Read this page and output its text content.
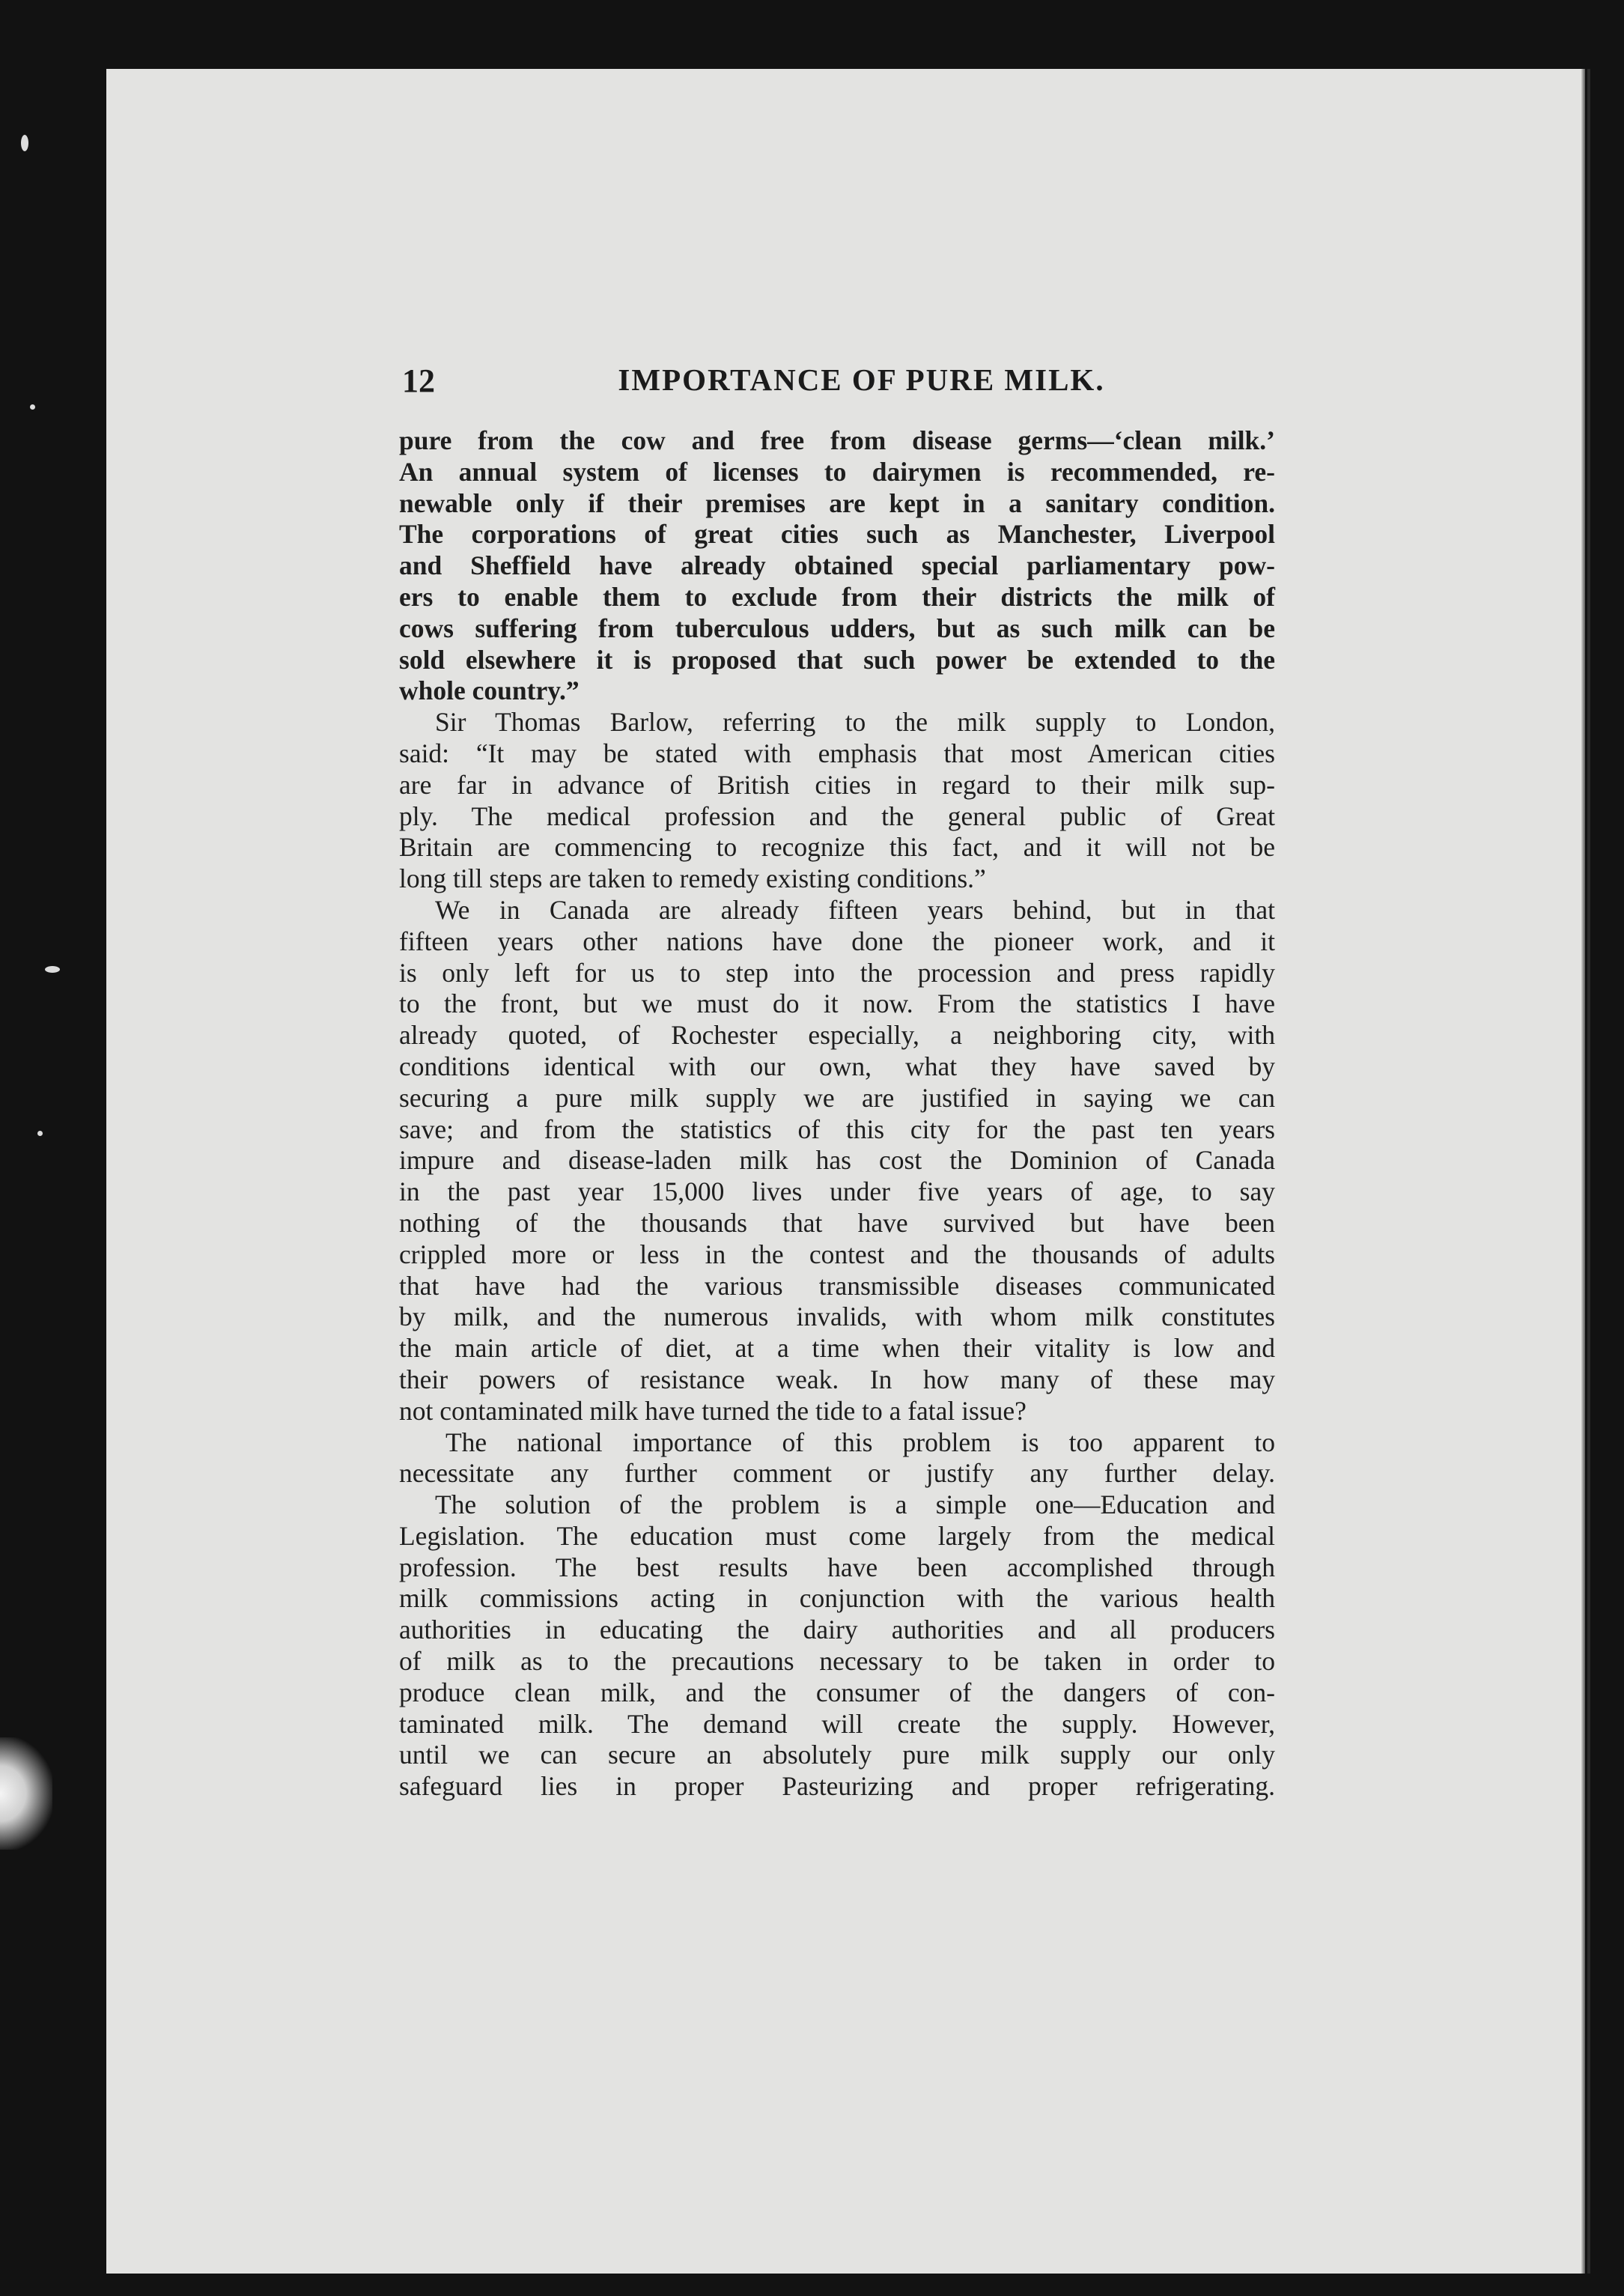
12	IMPORTANCE OF PURE MILK.
pure from the cow and free from disease germs—‘clean milk.’
An annual system of licenses to dairymen is recommended, re-
newable only if their premises are kept in a sanitary condition.
The corporations of great cities such as Manchester, Liverpool
and Sheffield have already obtained special parliamentary pow-
ers to enable them to exclude from their districts the milk of
cows suffering from tuberculous udders, but as such milk can be
sold elsewhere it is proposed that such power be extended to the
whole country.”
Sir Thomas Barlow, referring to the milk supply to London,
said: “It may be stated with emphasis that most American cities
are far in advance of British cities in regard to their milk sup-
ply. The medical profession and the general public of Great
Britain are commencing to recognize this fact, and it will not be
long till steps are taken to remedy existing conditions.”
We in Canada are already fifteen years behind, but in that
fifteen years other nations have done the pioneer work, and it
is only left for us to step into the procession and press rapidly
to the front, but we must do it now. From the statistics I have
already quoted, of Rochester especially, a neighboring city, with
conditions identical with our own, what they have saved by
securing a pure milk supply we are justified in saying we can
save; and from the statistics of this city for the past ten years
impure and disease-laden milk has cost the Dominion of Canada
in the past year 15,000 lives under five years of age, to say
nothing of the thousands that have survived but have been
crippled more or less in the contest and the thousands of adults
that have had the various transmissible diseases communicated
by milk, and the numerous invalids, with whom milk constitutes
the main article of diet, at a time when their vitality is low and
their powers of resistance weak. In how many of these may
not contaminated milk have turned the tide to a fatal issue?
The national importance of this problem is too apparent to
necessitate any further comment or justify any further delay.
The solution of the problem is a simple one—Education and
Legislation. The education must come largely from the medical
profession. The best results have been accomplished through
milk commissions acting in conjunction with the various health
authorities in educating the dairy authorities and all producers
of milk as to the precautions necessary to be taken in order to
produce clean milk, and the consumer of the dangers of con-
taminated milk. The demand will create the supply. However,
until we can secure an absolutely pure milk supply our only
safeguard lies in proper Pasteurizing and proper refrigerating.
